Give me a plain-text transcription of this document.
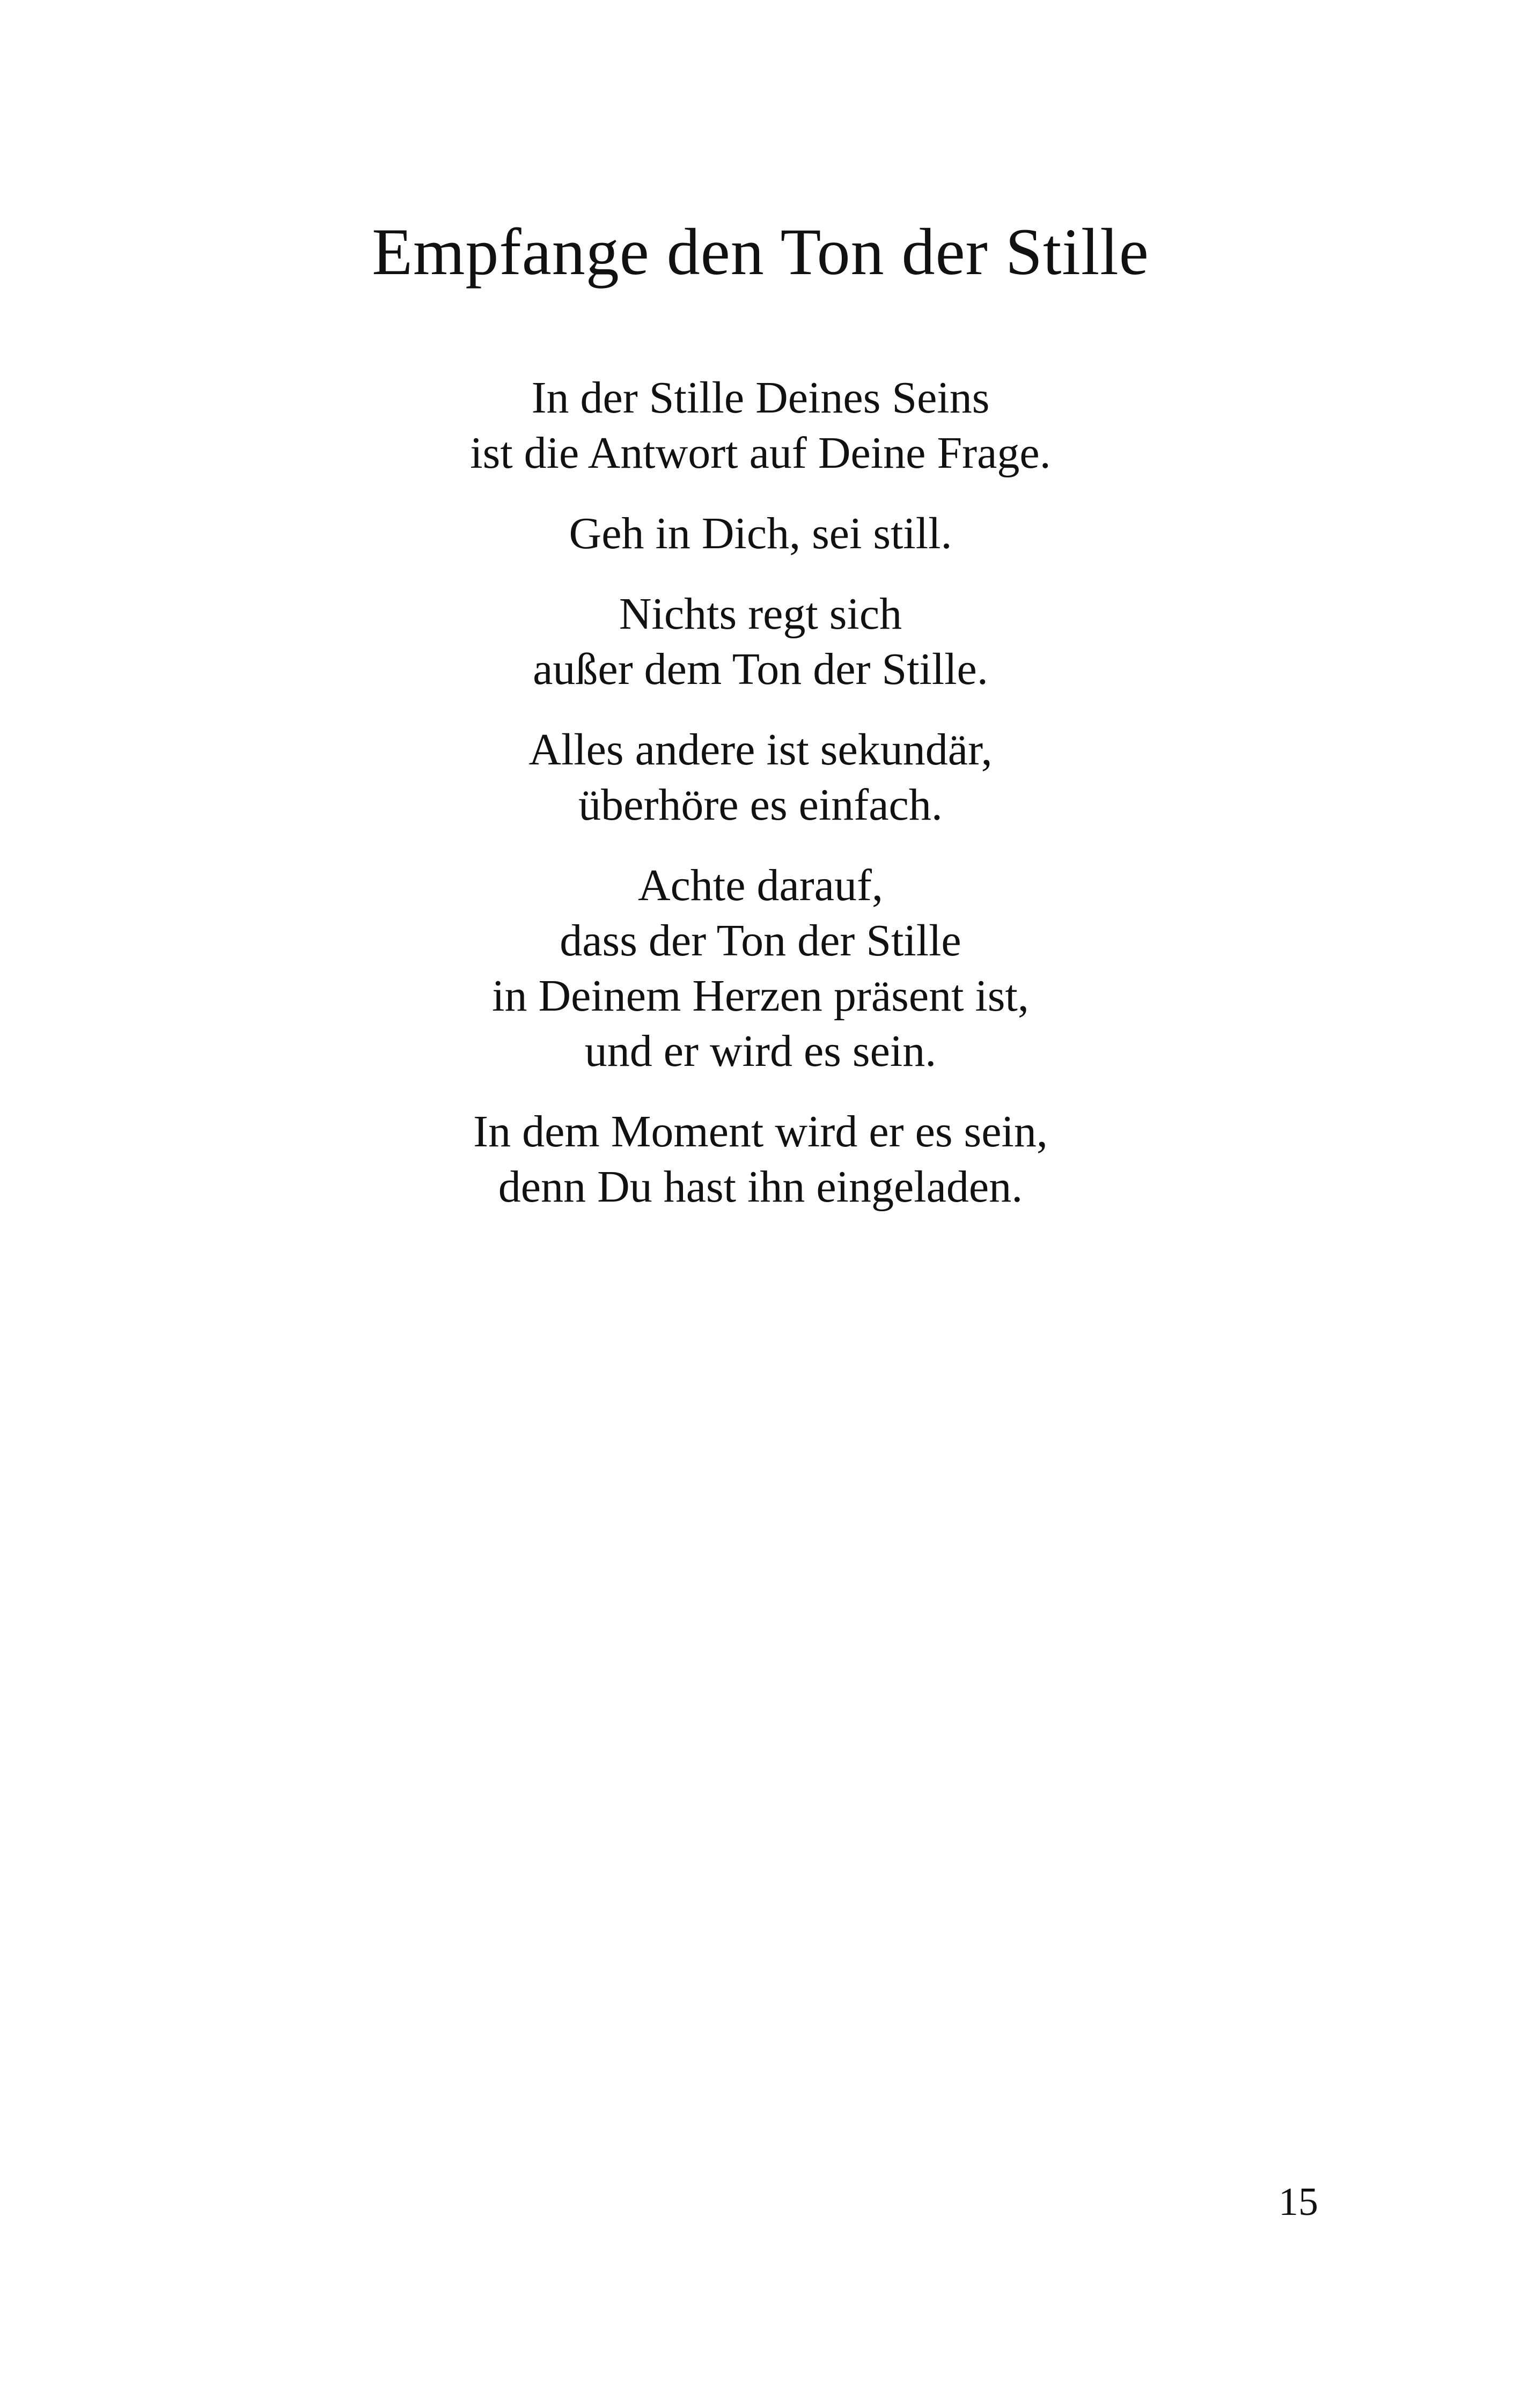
Empfange den Ton der Stille

In der Stille Deines Seins
ist die Antwort auf Deine Frage.

Geh in Dich, sei still.

Nichts regt sich
außer dem Ton der Stille.

Alles andere ist sekundär,
überhöre es einfach.

Achte darauf,
dass der Ton der Stille
in Deinem Herzen präsent ist,
und er wird es sein.

In dem Moment wird er es sein,
denn Du hast ihn eingeladen.

15
